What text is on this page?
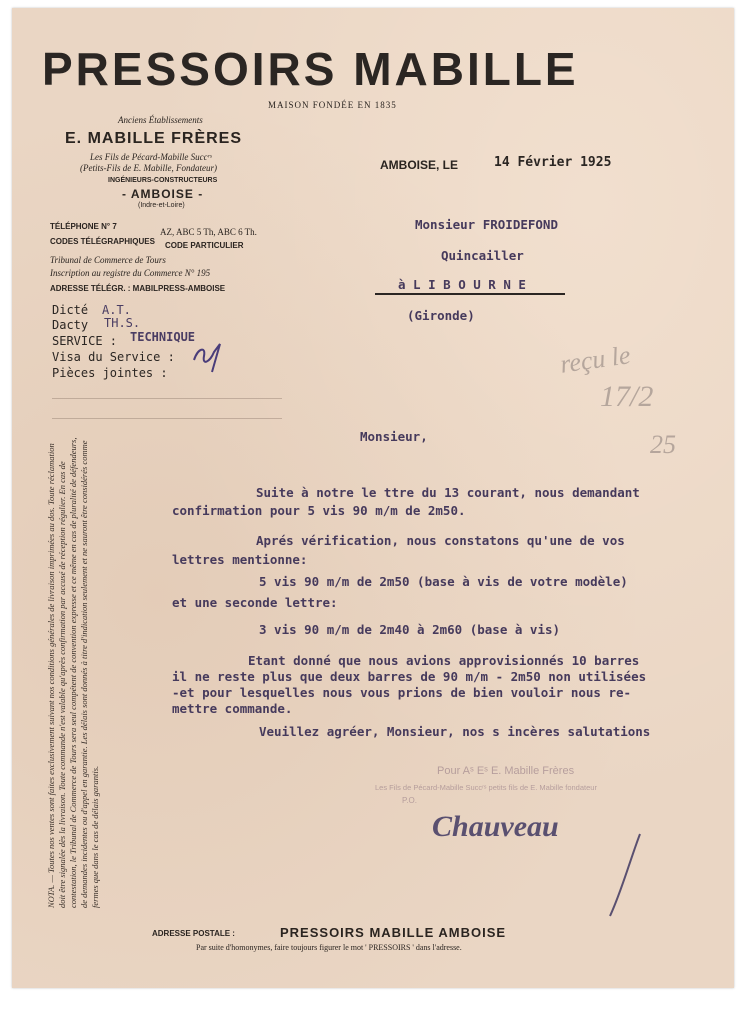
PRESSOIRS MABILLE
MAISON FONDÉE EN 1835
Anciens Établissements
E. MABILLE FRÈRES
Les Fils de Pécard-Mabille Succʳˢ
(Petits-Fils de E. Mabille, Fondateur)
INGÉNIEURS-CONSTRUCTEURS
- AMBOISE -
(Indre-et-Loire)
TÉLÉPHONE N° 7
CODES TÉLÉGRAPHIQUES
AZ, ABC 5 Th, ABC 6 Th.
CODE PARTICULIER
Tribunal de Commerce de Tours
Inscription au registre du Commerce N° 195
ADRESSE TÉLÉGR. : MABILPRESS-AMBOISE
Dicté A.T.
Dacty TH.S.
SERVICE : TECHNIQUE
Visa du Service :
Pièces jointes :
AMBOISE, LE	14 Février 1925
Monsieur FROIDEFOND
Quincailler
à L I B O U R N E
(Gironde)
reçu le
17/2
25
Monsieur,
Suite à notre le ttre du 13 courant, nous demandant
confirmation pour 5 vis 90 m/m de 2m50.
Aprés vérification, nous constatons qu'une de vos
lettres mentionne:
5 vis 90 m/m de 2m50 (base à vis de votre modèle)
et une seconde lettre:
3 vis 90 m/m de 2m40 à 2m60 (base à vis)
Etant donné que nous avions approvisionnés 10 barres
il ne reste plus que deux barres de 90 m/m - 2m50 non utilisées
-et pour lesquelles nous vous prions de bien vouloir nous re-
mettre commande.
Veuillez agréer, Monsieur, nos s incères salutations
Pour Aˢ Eˢ E. Mabille Frères
Les Fils de Pécard-Mabille Succʳˢ petits fils de E. Mabille fondateur
P.O.
Chauveau
NOTA. — Toutes nos ventes sont faites exclusivement suivant nos conditions générales de livraison imprimées au dos. Toute réclamation doit être signalée dès la livraison. Toute commande n'est valable qu'après confirmation par accusé de réception régulier. En cas de contestation, le Tribunal de Commerce de Tours sera seul compétent de convention expresse et ce même en cas de pluralité de défendeurs, de demandes incidentes ou d'appel en garantie. Les délais sont donnés à titre d'indication seulement et ne sauront être considérés comme fermes que dans le cas de délais garantis.
ADRESSE POSTALE :	PRESSOIRS MABILLE AMBOISE
Par suite d'homonymes, faire toujours figurer le mot ' PRESSOIRS ' dans l'adresse.
